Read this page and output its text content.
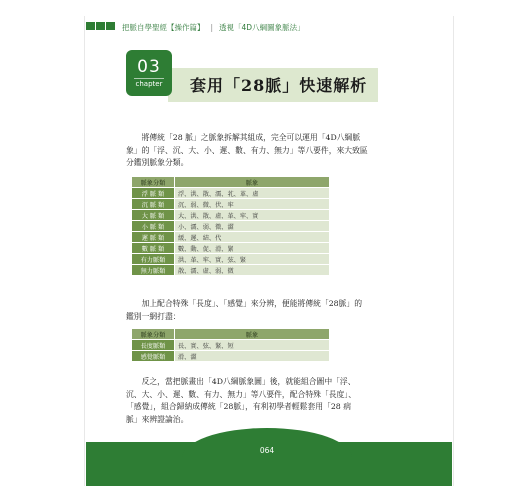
把脈自學聖經【操作篇】 | 透視「4D八綱圖象脈法」
03
chapter 套用「28脈」快速解析
　　將傳統「28 脈」之脈象拆解其組成，完全可以運用「4D八綱脈
象」的「浮、沉、大、小、遲、數、有力、無力」等八要件，來大致區
分鑑別脈象分類。
脈象分類	脈象
浮 脈 類	浮、洪、散、濡、芤、革、虛
沉 脈 類	沉、弱、微、伏、牢
大 脈 類	大、洪、散、虛、革、牢、實
小 脈 類	小、濡、弱、微、澀
遲 脈 類	緩、遲、結、代
數 脈 類	數、動、促、滑、緊
有力脈類	洪、革、牢、實、弦、緊
無力脈類	散、濡、虛、弱、微
　　加上配合特殊「長度」、「感覺」來分辨，便能將傳統「28脈」的
鑑別一網打盡：
脈象分類	脈象
長度脈類	長、實、弦、緊、短
感覺脈類	滑、澀
　　反之，當把脈畫出「4D八綱脈象圖」後，就能組合圖中「浮、
沉、大、小、遲、數、有力、無力」等八要件，配合特殊「長度」、
「感覺」，組合歸納成傳統「28脈」，有利初學者輕鬆套用「28 病
脈」來辨證論治。
064
